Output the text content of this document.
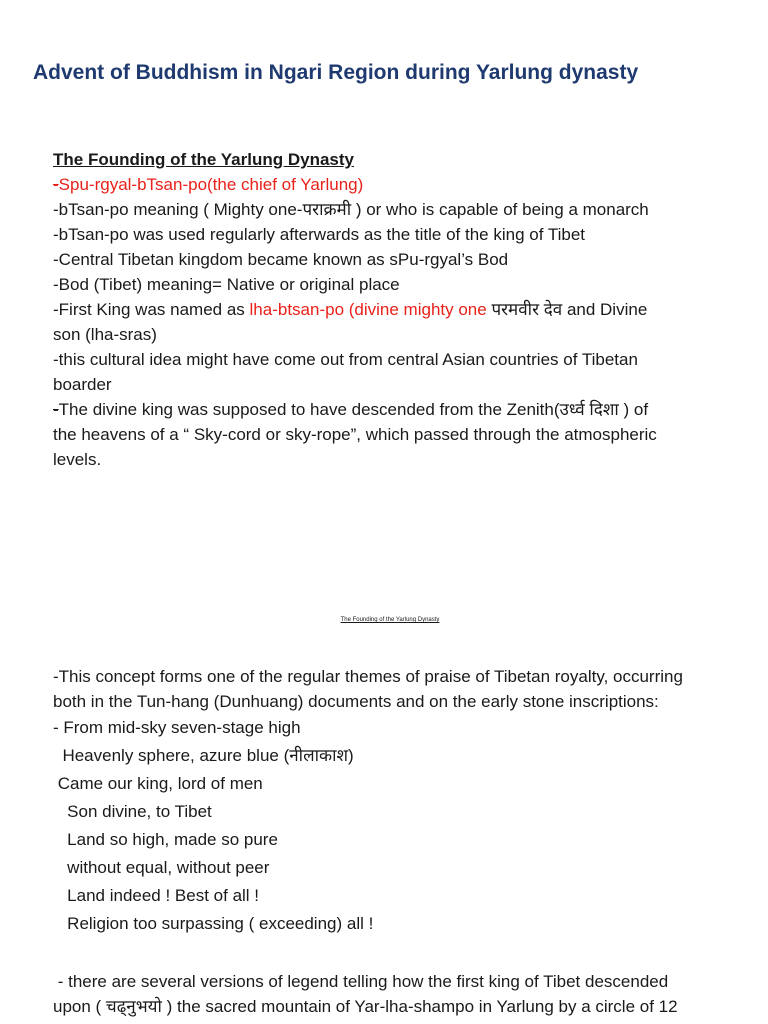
Advent of Buddhism in Ngari Region during Yarlung dynasty
The Founding of the Yarlung Dynasty
-Spu-rgyal-bTsan-po(the chief of Yarlung)
-bTsan-po meaning ( Mighty one-पराक्रमी ) or who is capable of being a monarch
-bTsan-po was used regularly afterwards as the title of the king of Tibet
-Central Tibetan kingdom became known as sPu-rgyal’s Bod
-Bod (Tibet) meaning= Native or original place
-First King was named as lha-btsan-po (divine mighty one परमवीर देव and Divine
son (lha-sras)
-this cultural idea might have come out from central Asian countries of Tibetan
boarder
-The divine king was supposed to have descended from the Zenith(उर्ध्व दिशा ) of
the heavens of a “ Sky-cord or sky-rope”, which passed through the atmospheric
levels.
The Founding of the Yarlung Dynasty
-This concept forms one of the regular themes of praise of Tibetan royalty, occurring
both in the Tun-hang (Dunhuang) documents and on the early stone inscriptions:
- From mid-sky seven-stage high
Heavenly sphere, azure blue (नीलाकाश)
Came our king, lord of men
Son divine, to Tibet
Land so high, made so pure
without equal, without peer
Land indeed ! Best of all !
Religion too surpassing ( exceeding) all !
- there are several versions of legend telling how the first king of Tibet descended
upon ( चढ्नुभयो ) the sacred mountain of Yar-lha-shampo in Yarlung by a circle of 12
